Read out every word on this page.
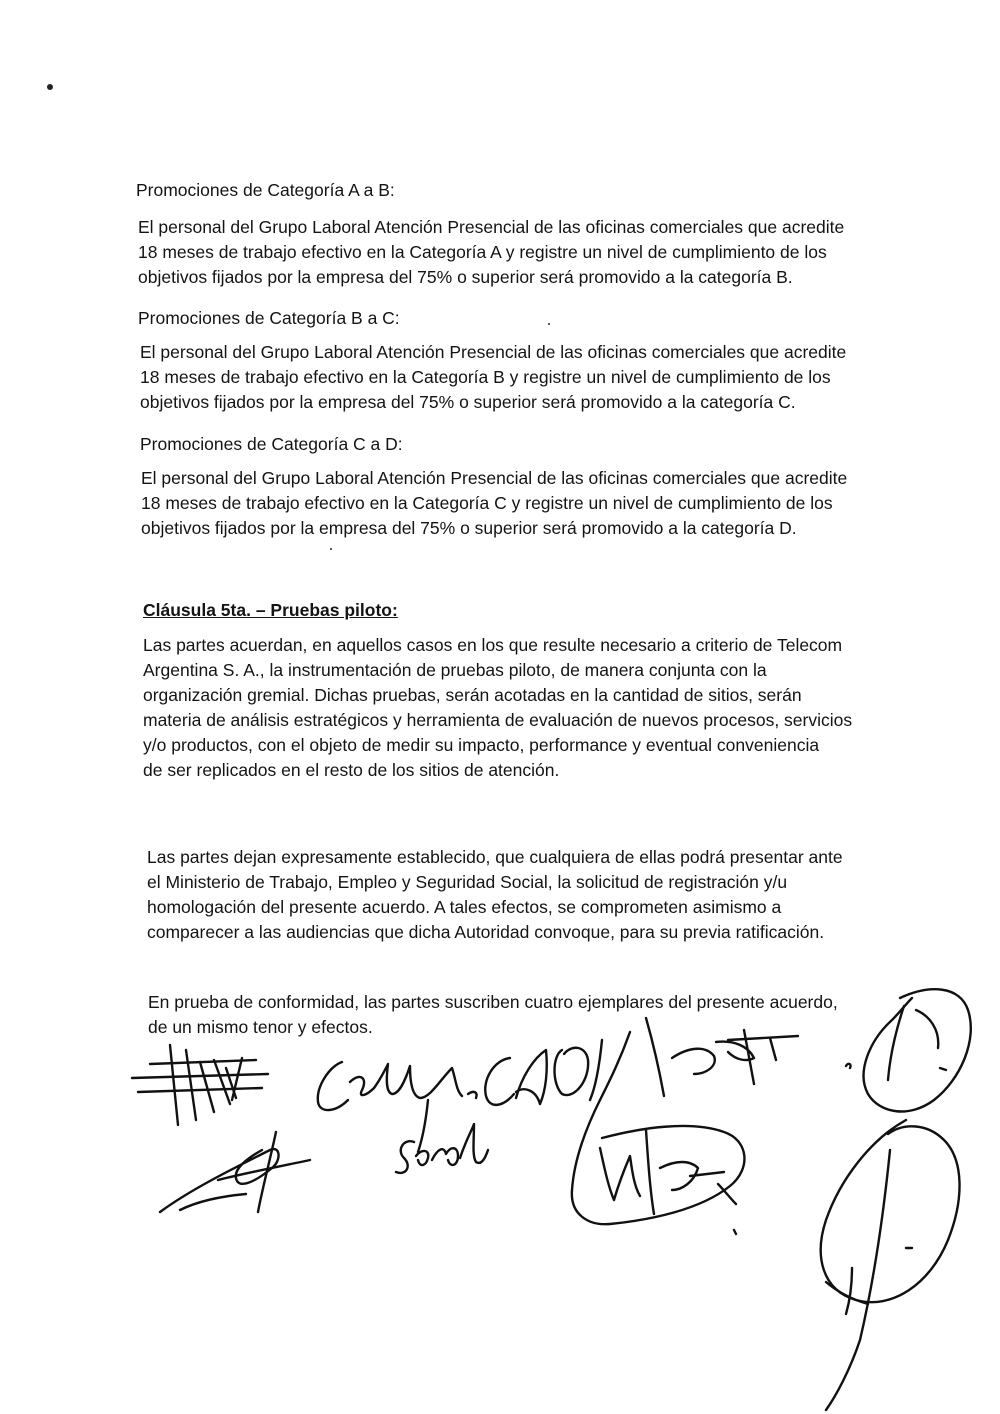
Promociones de Categoría A a B:

El personal del Grupo Laboral Atención Presencial de las oficinas comerciales que acredite

18 meses de trabajo efectivo en la Categoría A y registre un nivel de cumplimiento de los

objetivos fijados por la empresa del 75% o superior será promovido a la categoría B.

Promociones de Categoría B a C:

El personal del Grupo Laboral Atención Presencial de las oficinas comerciales que acredite

18 meses de trabajo efectivo en la Categoría B y registre un nivel de cumplimiento de los

objetivos fijados por la empresa del 75% o superior será promovido a la categoría C.

Promociones de Categoría C a D:

El personal del Grupo Laboral Atención Presencial de las oficinas comerciales que acredite

18 meses de trabajo efectivo en la Categoría C y registre un nivel de cumplimiento de los

objetivos fijados por la empresa del 75% o superior será promovido a la categoría D.

Cláusula 5ta. – Pruebas piloto:

Las partes acuerdan, en aquellos casos en los que resulte necesario a criterio de Telecom

Argentina S. A., la instrumentación de pruebas piloto, de manera conjunta con la

organización gremial. Dichas pruebas, serán acotadas en la cantidad de sitios, serán

materia de análisis estratégicos y herramienta de evaluación de nuevos procesos, servicios

y/o productos, con el objeto de medir su impacto, performance y eventual conveniencia

de ser replicados en el resto de los sitios de atención.

Las partes dejan expresamente establecido, que cualquiera de ellas podrá presentar ante

el Ministerio de Trabajo, Empleo y Seguridad Social, la solicitud de registración y/u

homologación del presente acuerdo. A tales efectos, se comprometen asimismo a

comparecer a las audiencias que dicha Autoridad convoque, para su previa ratificación.

En prueba de conformidad, las partes suscriben cuatro ejemplares del presente acuerdo,

de un mismo tenor y efectos.
